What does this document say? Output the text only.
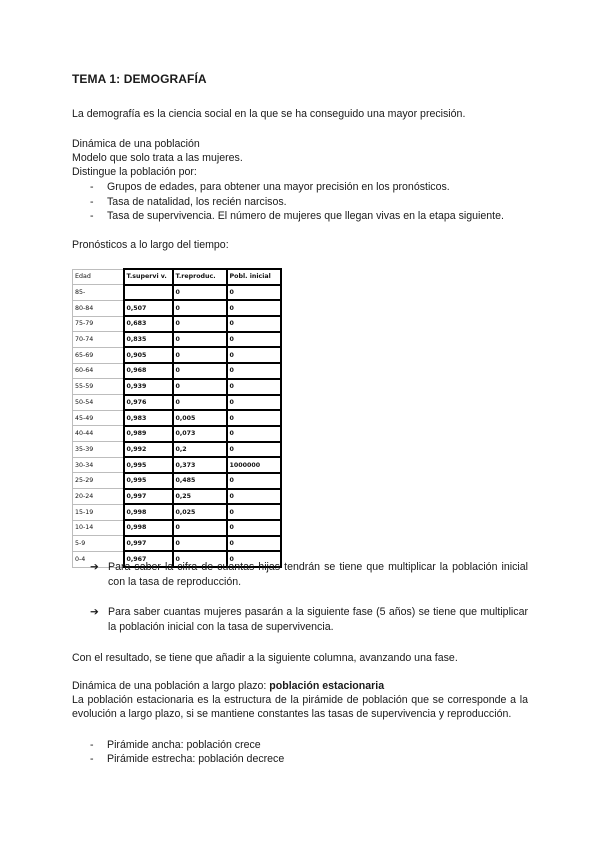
TEMA 1: DEMOGRAFÍA
La demografía es la ciencia social en la que se ha conseguido una mayor precisión.
Dinámica de una población
Modelo que solo trata a las mujeres.
Distingue la población por:
- Grupos de edades, para obtener una mayor precisión en los pronósticos.
- Tasa de natalidad, los recién narcisos.
- Tasa de supervivencia. El número de mujeres que llegan vivas en la etapa siguiente.
Pronósticos a lo largo del tiempo:
Edad	T.supervi v.	T.reproduc.	Pobl. inicial
85-		0	0
80-84	0,507	0	0
75-79	0,683	0	0
70-74	0,835	0	0
65-69	0,905	0	0
60-64	0,968	0	0
55-59	0,939	0	0
50-54	0,976	0	0
45-49	0,983	0,005	0
40-44	0,989	0,073	0
35-39	0,992	0,2	0
30-34	0,995	0,373	1000000
25-29	0,995	0,485	0
20-24	0,997	0,25	0
15-19	0,998	0,025	0
10-14	0,998	0	0
5-9	0,997	0	0
0-4	0,967	0	0
➔ Para saber la cifra de cuantas hijas tendrán se tiene que multiplicar la población inicial con la tasa de reproducción.
➔ Para saber cuantas mujeres pasarán a la siguiente fase (5 años) se tiene que multiplicar la población inicial con la tasa de supervivencia.
Con el resultado, se tiene que añadir a la siguiente columna, avanzando una fase.
Dinámica de una población a largo plazo: población estacionaria
La población estacionaria es la estructura de la pirámide de población que se corresponde a la evolución a largo plazo, si se mantiene constantes las tasas de supervivencia y reproducción.
- Pirámide ancha: población crece
- Pirámide estrecha: población decrece
